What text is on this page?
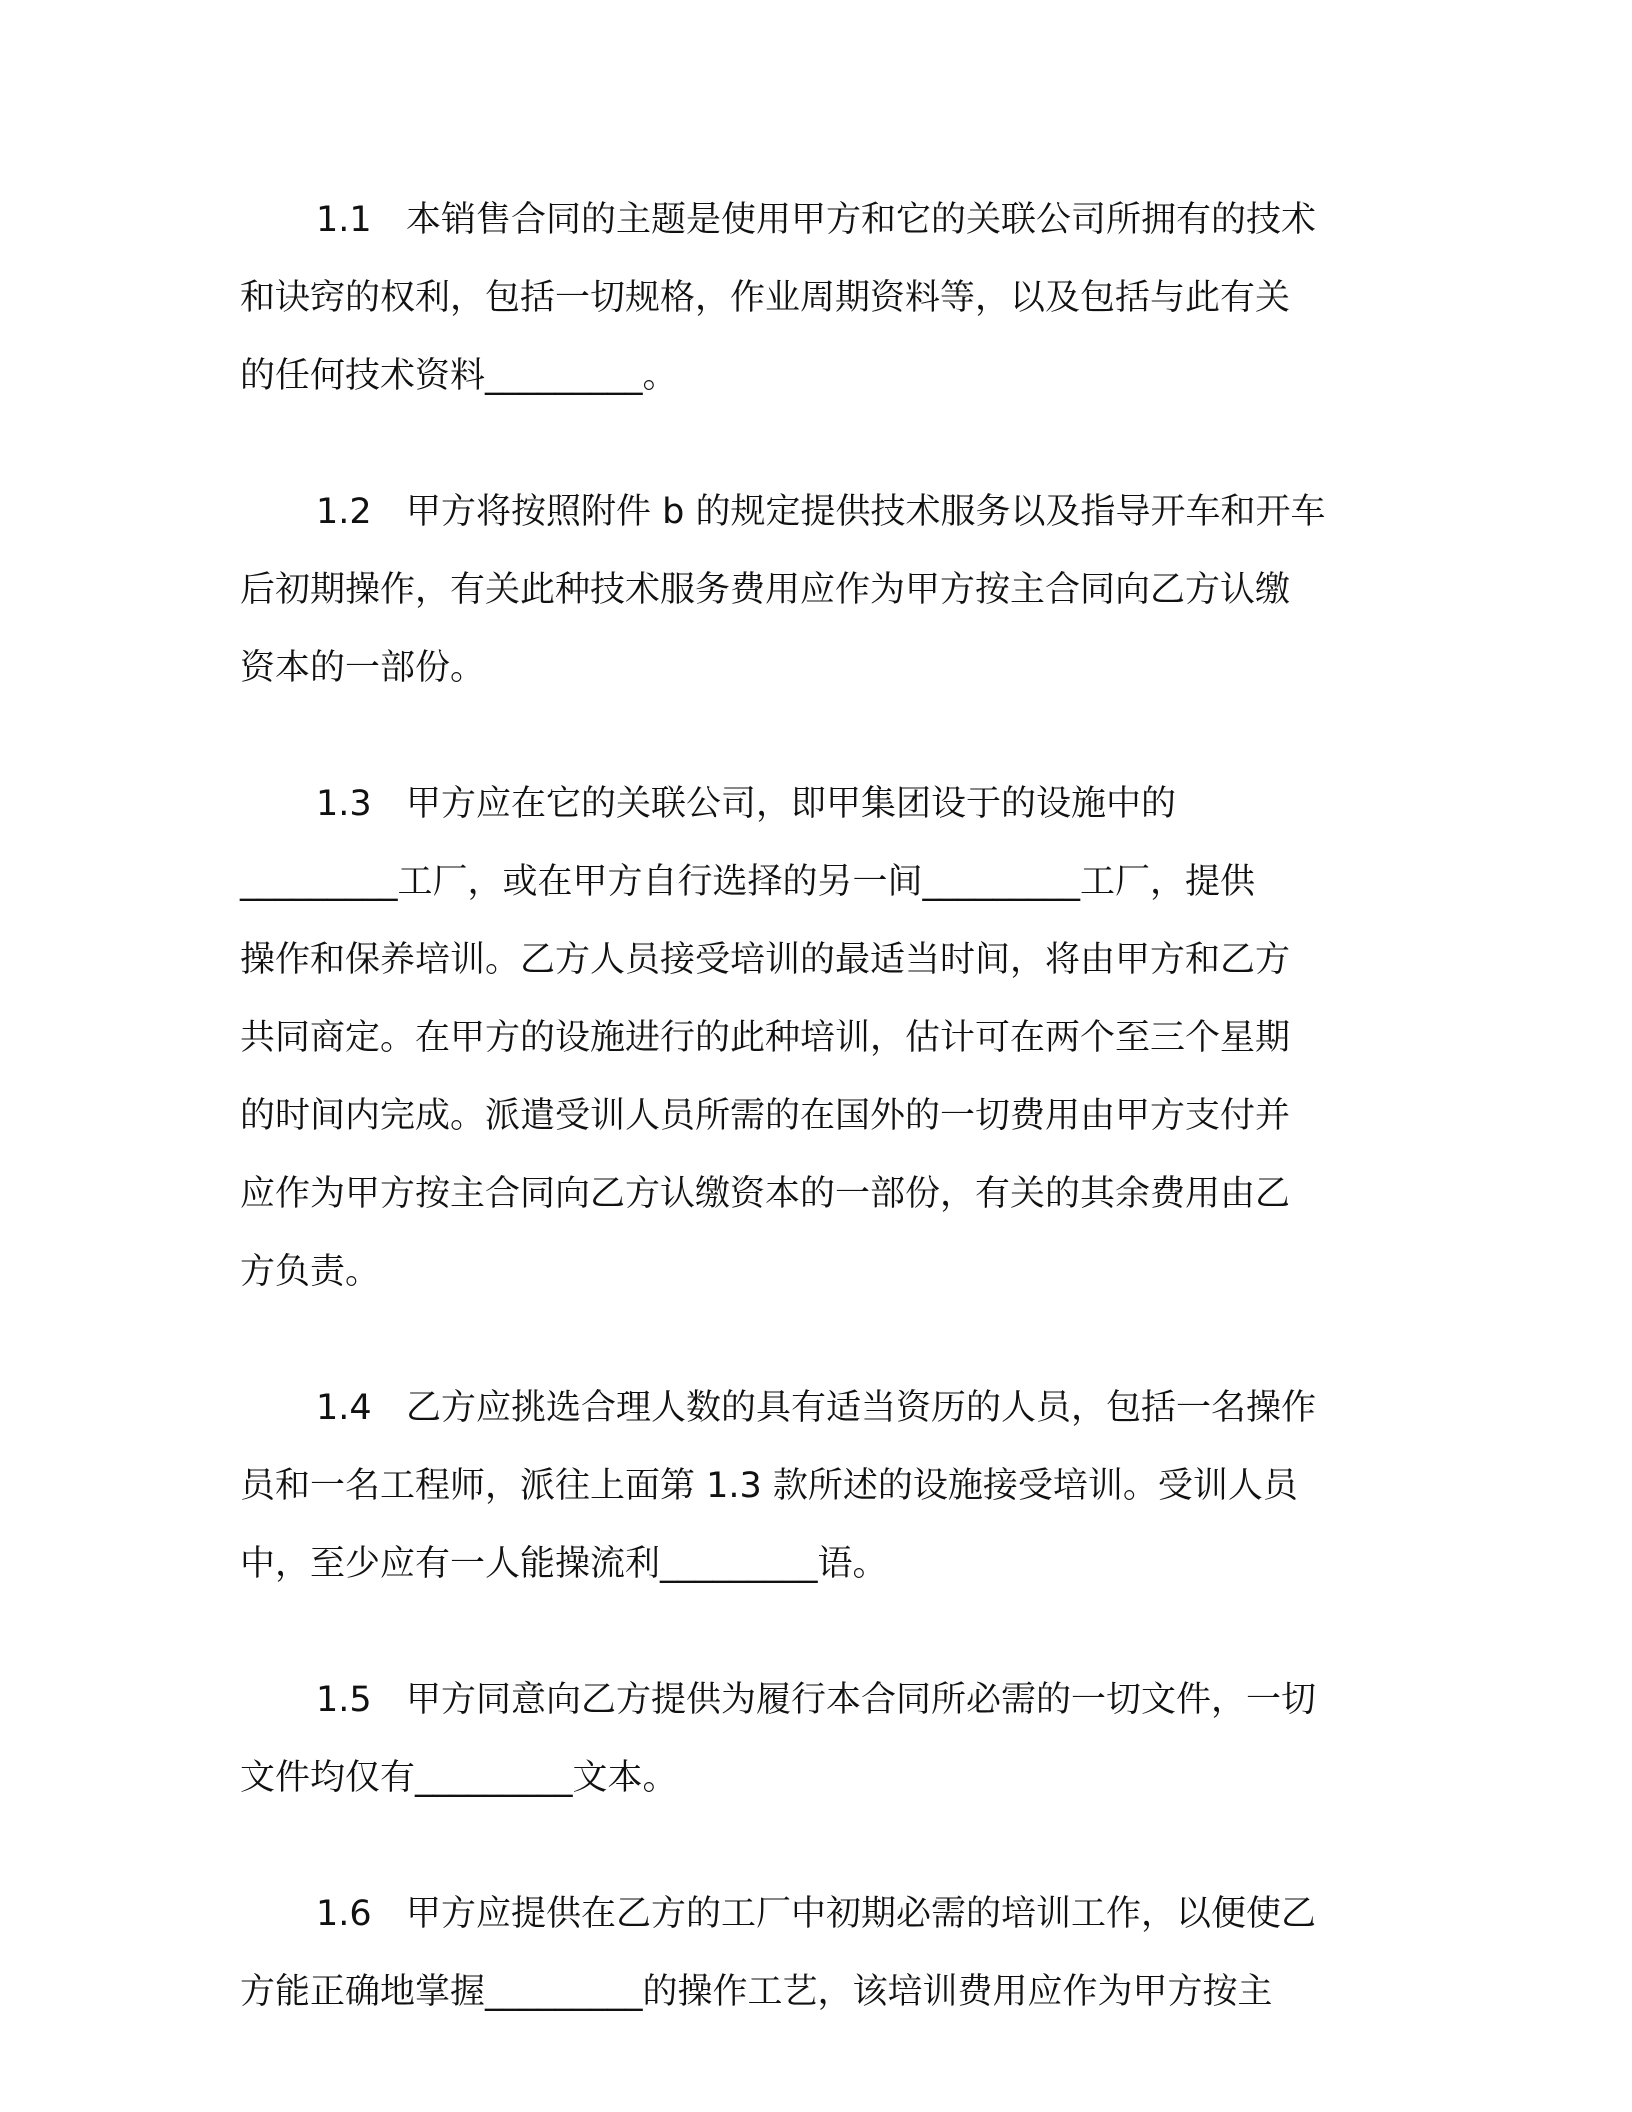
1.1 本销售合同的主题是使用甲方和它的关联公司所拥有的技术
和诀窍的权利，包括一切规格，作业周期资料等，以及包括与此有关
的任何技术资料_________。
1.2 甲方将按照附件 b 的规定提供技术服务以及指导开车和开车
后初期操作，有关此种技术服务费用应作为甲方按主合同向乙方认缴
资本的一部份。
1.3 甲方应在它的关联公司，即甲集团设于的设施中的
_________工厂，或在甲方自行选择的另一间_________工厂，提供
操作和保养培训。乙方人员接受培训的最适当时间，将由甲方和乙方
共同商定。在甲方的设施进行的此种培训，估计可在两个至三个星期
的时间内完成。派遣受训人员所需的在国外的一切费用由甲方支付并
应作为甲方按主合同向乙方认缴资本的一部份，有关的其余费用由乙
方负责。
1.4 乙方应挑选合理人数的具有适当资历的人员，包括一名操作
员和一名工程师，派往上面第 1.3 款所述的设施接受培训。受训人员
中，至少应有一人能操流利_________语。
1.5 甲方同意向乙方提供为履行本合同所必需的一切文件，一切
文件均仅有_________文本。
1.6 甲方应提供在乙方的工厂中初期必需的培训工作，以便使乙
方能正确地掌握_________的操作工艺，该培训费用应作为甲方按主
